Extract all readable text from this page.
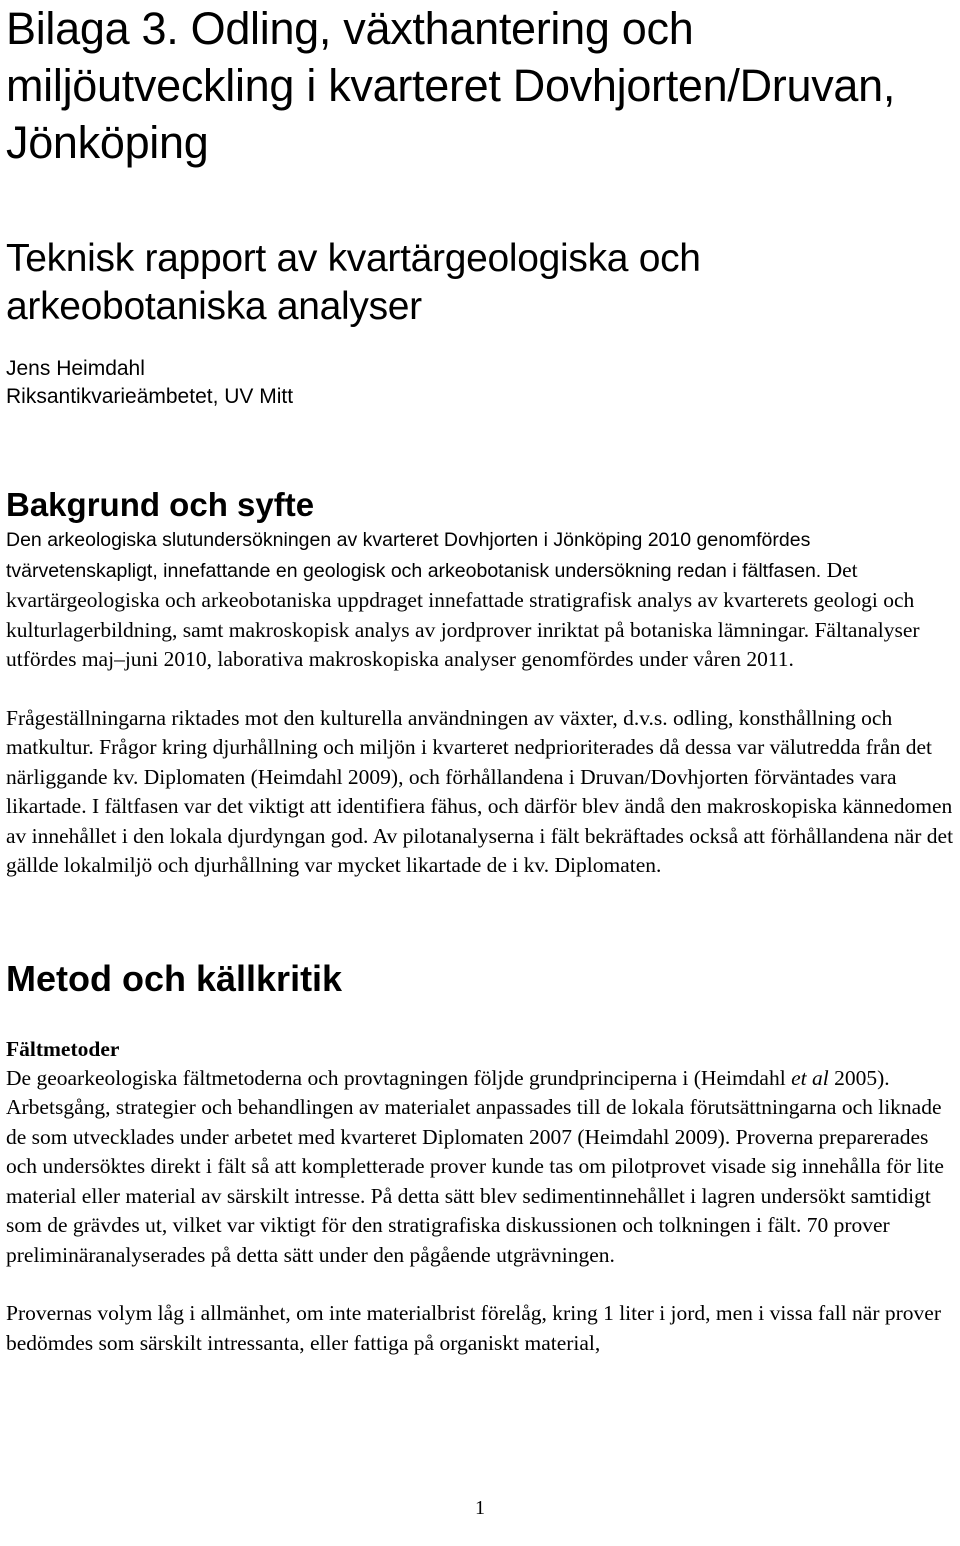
Bilaga 3. Odling, växthantering och miljöutveckling i kvarteret Dovhjorten/Druvan, Jönköping
Teknisk rapport av kvartärgeologiska och arkeobotaniska analyser
Jens Heimdahl
Riksantikvarieämbetet, UV Mitt
Bakgrund och syfte

Den arkeologiska slutundersökningen av kvarteret Dovhjorten i Jönköping 2010 genomfördes tvärvetenskapligt, innefattande en geologisk och arkeobotanisk undersökning redan i fältfasen. Det kvartärgeologiska och arkeobotaniska uppdraget innefattade stratigrafisk analys av kvarterets geologi och kulturlagerbildning, samt makroskopisk analys av jordprover inriktat på botaniska lämningar. Fältanalyser utfördes maj–juni 2010, laborativa makroskopiska analyser genomfördes under våren 2011.

Frågeställningarna riktades mot den kulturella användningen av växter, d.v.s. odling, konsthållning och matkultur. Frågor kring djurhållning och miljön i kvarteret nedprioriterades då dessa var välutredda från det närliggande kv. Diplomaten (Heimdahl 2009), och förhållandena i Druvan/Dovhjorten förväntades vara likartade. I fältfasen var det viktigt att identifiera fähus, och därför blev ändå den makroskopiska kännedomen av innehållet i den lokala djurdyngan god. Av pilotanalyserna i fält bekräftades också att förhållandena när det gällde lokalmiljö och djurhållning var mycket likartade de i kv. Diplomaten.

Metod och källkritik
Fältmetoder

De geoarkeologiska fältmetoderna och provtagningen följde grundprinciperna i (Heimdahl et al 2005). Arbetsgång, strategier och behandlingen av materialet anpassades till de lokala förutsättningarna och liknade de som utvecklades under arbetet med kvarteret Diplomaten 2007 (Heimdahl 2009). Proverna preparerades och undersöktes direkt i fält så att kompletterade prover kunde tas om pilotprovet visade sig innehålla för lite material eller material av särskilt intresse. På detta sätt blev sedimentinnehållet i lagren undersökt samtidigt som de grävdes ut, vilket var viktigt för den stratigrafiska diskussionen och tolkningen i fält. 70 prover preliminäranalyserades på detta sätt under den pågående utgrävningen.

Provernas volym låg i allmänhet, om inte materialbrist förelåg, kring 1 liter i jord, men i vissa fall när prover bedömdes som särskilt intressanta, eller fattiga på organiskt material,

1
